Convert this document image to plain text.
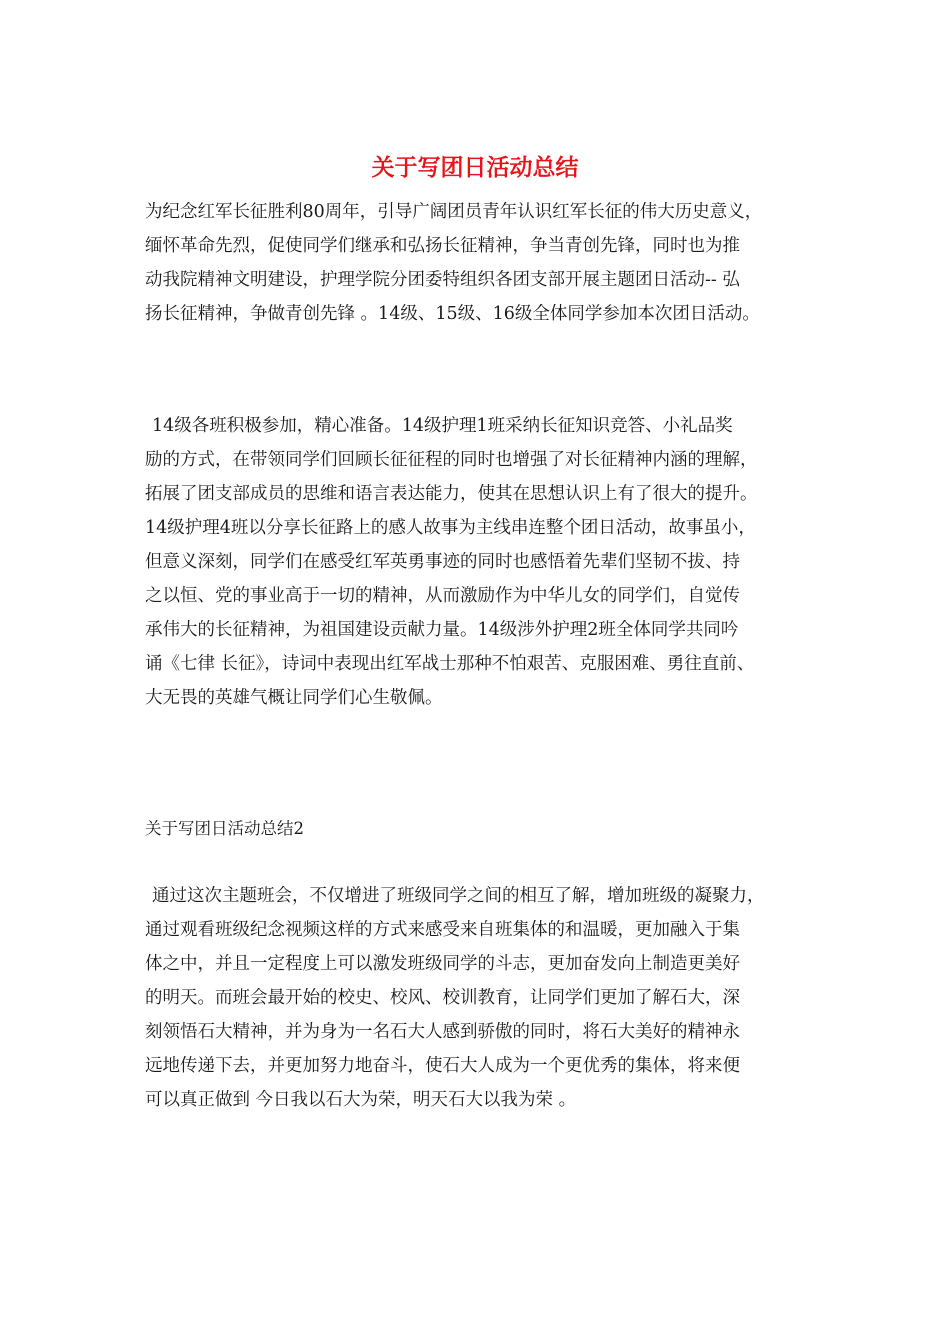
关于写团日活动总结

为纪念红军长征胜利80周年，引导广阔团员青年认识红军长征的伟大历史意义，

缅怀革命先烈，促使同学们继承和弘扬长征精神，争当青创先锋，同时也为推

动我院精神文明建设，护理学院分团委特组织各团支部开展主题团日活动-- 弘

扬长征精神，争做青创先锋 。14级、15级、16级全体同学参加本次团日活动。

14级各班积极参加，精心准备。14级护理1班采纳长征知识竞答、小礼品奖

励的方式，在带领同学们回顾长征征程的同时也增强了对长征精神内涵的理解，

拓展了团支部成员的思维和语言表达能力，使其在思想认识上有了很大的提升。

14级护理4班以分享长征路上的感人故事为主线串连整个团日活动，故事虽小，

但意义深刻，同学们在感受红军英勇事迹的同时也感悟着先辈们坚韧不拔、持

之以恒、党的事业高于一切的精神，从而激励作为中华儿女的同学们，自觉传

承伟大的长征精神，为祖国建设贡献力量。14级涉外护理2班全体同学共同吟

诵《七律 长征》，诗词中表现出红军战士那种不怕艰苦、克服困难、勇往直前、

大无畏的英雄气概让同学们心生敬佩。

关于写团日活动总结2

通过这次主题班会，不仅增进了班级同学之间的相互了解，增加班级的凝聚力，

通过观看班级纪念视频这样的方式来感受来自班集体的和温暖，更加融入于集

体之中，并且一定程度上可以激发班级同学的斗志，更加奋发向上制造更美好

的明天。而班会最开始的校史、校风、校训教育，让同学们更加了解石大，深

刻领悟石大精神，并为身为一名石大人感到骄傲的同时，将石大美好的精神永

远地传递下去，并更加努力地奋斗，使石大人成为一个更优秀的集体，将来便

可以真正做到 今日我以石大为荣，明天石大以我为荣 。
